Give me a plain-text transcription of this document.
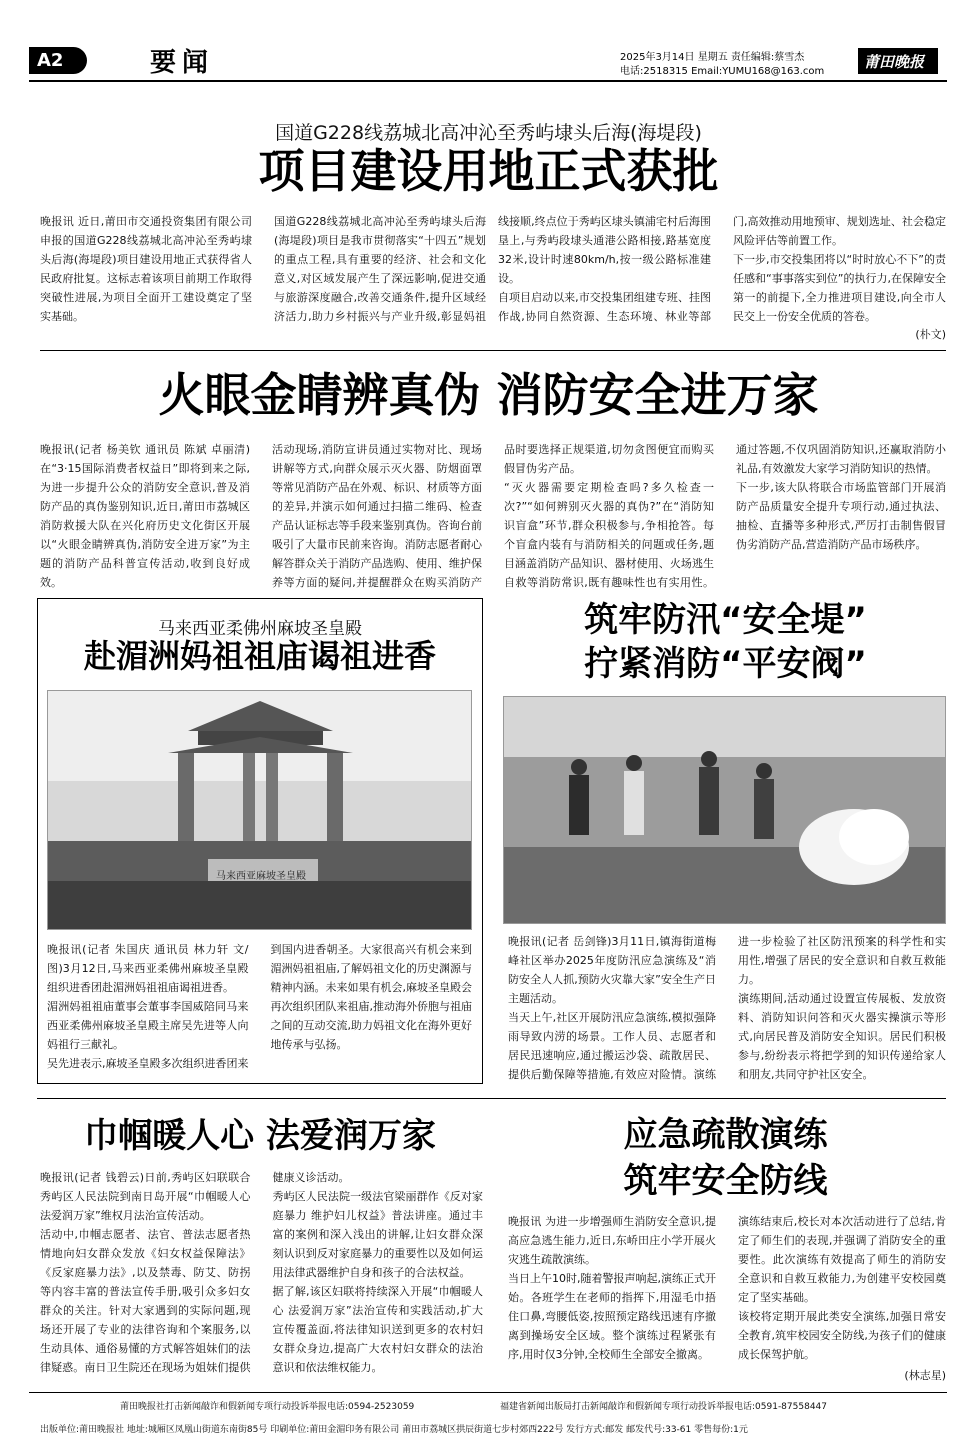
A2	要闻	2025年3月14日 星期五 责任编辑:蔡雪杰
电话:2518315 Email:YUMU168@163.com
莆田晚报
国道G228线荔城北高冲沁至秀屿埭头后海(海堤段)
项目建设用地正式获批
晚报讯 近日,莆田市交通投资集团有限公司申报的国道G228线荔城北高冲沁至秀屿埭头后海(海堤段)项目建设用地正式获得省人民政府批复。这标志着该项目前期工作取得突破性进展,为项目全面开工建设奠定了坚实基础。
国道G228线荔城北高冲沁至秀屿埭头后海(海堤段)项目是我市贯彻落实“十四五”规划的重点工程,具有重要的经济、社会和文化意义,对区域发展产生了深远影响,促进交通与旅游深度融合,改善交通条件,提升区域经济活力,助力乡村振兴与产业升级,彰显妈祖
线接顺,终点位于秀屿区埭头镇浦宅村后海围垦上,与秀屿段埭头通港公路相接,路基宽度32米,设计时速80km/h,按一级公路标准建设。
自项目启动以来,市交投集团组建专班、挂图作战,协同自然资源、生态环境、林业等部门,高效推动用地预审、规划选址、社会稳定风险评估等前置工作。
下一步,市交投集团将以“时时放心不下”的责任感和“事事落实到位”的执行力,在保障安全第一的前提下,全力推进项目建设,向全市人民交上一份安全优质的答卷。
(朴文)
火眼金睛辨真伪 消防安全进万家
晚报讯(记者 杨美钦 通讯员 陈斌 卓丽清)在“3·15国际消费者权益日”即将到来之际,为进一步提升公众的消防安全意识,普及消防产品的真伪鉴别知识,近日,莆田市荔城区消防救援大队在兴化府历史文化街区开展以“火眼金睛辨真伪,消防安全进万家”为主题的消防产品科普宣传活动,收到良好成效。
活动现场,消防宣讲员通过实物对比、现场讲解等方式,向群众展示灭火器、防烟面罩等常见消防产品在外观、标识、材质等方面的差异,并演示如何通过扫描二维码、检查产品认证标志等手段来鉴别真伪。咨询台前吸引了大量市民前来咨询。消防志愿者耐心解答群众关于消防产品选购、使用、维护保养等方面的疑问,并提醒群众在购买消防产品时要选择正规渠道,切勿贪图便宜而购买假冒伪劣产品。
“灭火器需要定期检查吗?多久检查一次?”“如何辨别灭火器的真伪?”在“消防知识盲盒”环节,群众积极参与,争相抢答。每个盲盒内装有与消防相关的问题或任务,题目涵盖消防产品知识、器材使用、火场逃生自救等消防常识,既有趣味性也有实用性。通过答题,不仅巩固消防知识,还赢取消防小礼品,有效激发大家学习消防知识的热情。
下一步,该大队将联合市场监管部门开展消防产品质量安全提升专项行动,通过执法、抽检、直播等多种形式,严厉打击制售假冒伪劣消防产品,营造消防产品市场秩序。
马来西亚柔佛州麻坡圣皇殿
赴湄洲妈祖祖庙谒祖进香
马来西亚麻坡圣皇殿
晚报讯(记者 朱国庆 通讯员 林力轩 文/图)3月12日,马来西亚柔佛州麻坡圣皇殿组织进香团赴湄洲妈祖祖庙谒祖进香。
湄洲妈祖祖庙董事会董事李国威陪同马来西亚柔佛州麻坡圣皇殿主席吴先进等人向妈祖行三献礼。
吴先进表示,麻坡圣皇殿多次组织进香团来到国内进香朝圣。大家很高兴有机会来到湄洲妈祖祖庙,了解妈祖文化的历史渊源与精神内涵。未来如果有机会,麻坡圣皇殿会再次组织团队来祖庙,推动海外侨胞与祖庙之间的互动交流,助力妈祖文化在海外更好地传承与弘扬。
筑牢防汛“安全堤”
拧紧消防“平安阀”
晚报讯(记者 岳剑锋)3月11日,镇海街道梅峰社区举办2025年度防汛应急演练及“消防安全人人抓,预防火灾靠大家”安全生产日主题活动。
当天上午,社区开展防汛应急演练,模拟强降雨导致内涝的场景。工作人员、志愿者和居民迅速响应,通过搬运沙袋、疏散居民、提供后勤保障等措施,有效应对险情。演练进一步检验了社区防汛预案的科学性和实用性,增强了居民的安全意识和自救互救能力。
演练期间,活动通过设置宣传展板、发放资料、消防知识问答和灭火器实操演示等形式,向居民普及消防安全知识。居民们积极参与,纷纷表示将把学到的知识传递给家人和朋友,共同守护社区安全。

巾帼暖人心 法爱润万家
晚报讯(记者 钱碧云)日前,秀屿区妇联联合秀屿区人民法院到南日岛开展“巾帼暖人心 法爱润万家”维权月法治宣传活动。
活动中,巾帼志愿者、法官、普法志愿者热情地向妇女群众发放《妇女权益保障法》《反家庭暴力法》,以及禁毒、防艾、防拐等内容丰富的普法宣传手册,吸引众多妇女群众的关注。针对大家遇到的实际问题,现场还开展了专业的法律咨询和个案服务,以生动具体、通俗易懂的方式解答姐妹们的法律疑惑。南日卫生院还在现场为姐妹们提供健康义诊活动。
秀屿区人民法院一级法官梁丽群作《反对家庭暴力 维护妇儿权益》普法讲座。通过丰富的案例和深入浅出的讲解,让妇女群众深刻认识到反对家庭暴力的重要性以及如何运用法律武器维护自身和孩子的合法权益。
据了解,该区妇联将持续深入开展“巾帼暖人心 法爱润万家”法治宣传和实践活动,扩大宣传覆盖面,将法律知识送到更多的农村妇女群众身边,提高广大农村妇女群众的法治意识和依法维权能力。
应急疏散演练
筑牢安全防线
晚报讯 为进一步增强师生消防安全意识,提高应急逃生能力,近日,东峤田庄小学开展火灾逃生疏散演练。
当日上午10时,随着警报声响起,演练正式开始。各班学生在老师的指挥下,用湿毛巾捂住口鼻,弯腰低姿,按照预定路线迅速有序撤离到操场安全区域。整个演练过程紧张有序,用时仅3分钟,全校师生全部安全撤离。
演练结束后,校长对本次活动进行了总结,肯定了师生们的表现,并强调了消防安全的重要性。此次演练有效提高了师生的消防安全意识和自救互救能力,为创建平安校园奠定了坚实基础。
该校将定期开展此类安全演练,加强日常安全教育,筑牢校园安全防线,为孩子们的健康成长保驾护航。
(林志星)
莆田晚报社打击新闻敲诈和假新闻专项行动投诉举报电话:0594-2523059	福建省新闻出版局打击新闻敲诈和假新闻专项行动投诉举报电话:0591-87558447
出版单位:莆田晚报社 地址:城厢区凤凰山街道东南街85号 印刷单位:莆田金湄印务有限公司 莆田市荔城区拱辰街道七步村郊西222号 发行方式:邮发 邮发代号:33-61 零售每份:1元
